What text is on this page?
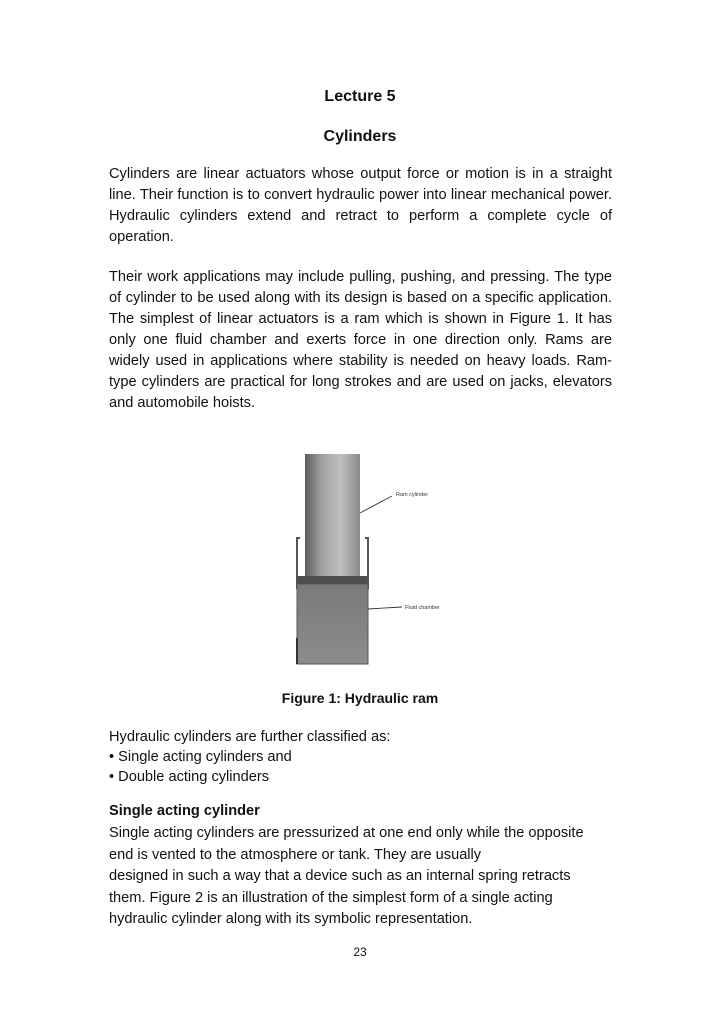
Lecture 5
Cylinders

Cylinders are linear actuators whose output force or motion is in a straight line. Their function is to convert hydraulic power into linear mechanical power. Hydraulic cylinders extend and retract to perform a complete cycle of operation.

Their work applications may include pulling, pushing, and pressing. The type of cylinder to be used along with its design is based on a specific application. The simplest of linear actuators is a ram which is shown in Figure 1. It has only one fluid chamber and exerts force in one direction only. Rams are widely used in applications where stability is needed on heavy loads. Ram-type cylinders are practical for long strokes and are used on jacks, elevators and automobile hoists.

Ram cylinder
Fluid chamber
Figure 1: Hydraulic ram
Hydraulic cylinders are further classified as:
• Single acting cylinders and
• Double acting cylinders
Single acting cylinder
Single acting cylinders are pressurized at one end only while the opposite
end is vented to the atmosphere or tank. They are usually
designed in such a way that a device such as an internal spring retracts
them. Figure 2 is an illustration of the simplest form of a single acting
hydraulic cylinder along with its symbolic representation.
23
